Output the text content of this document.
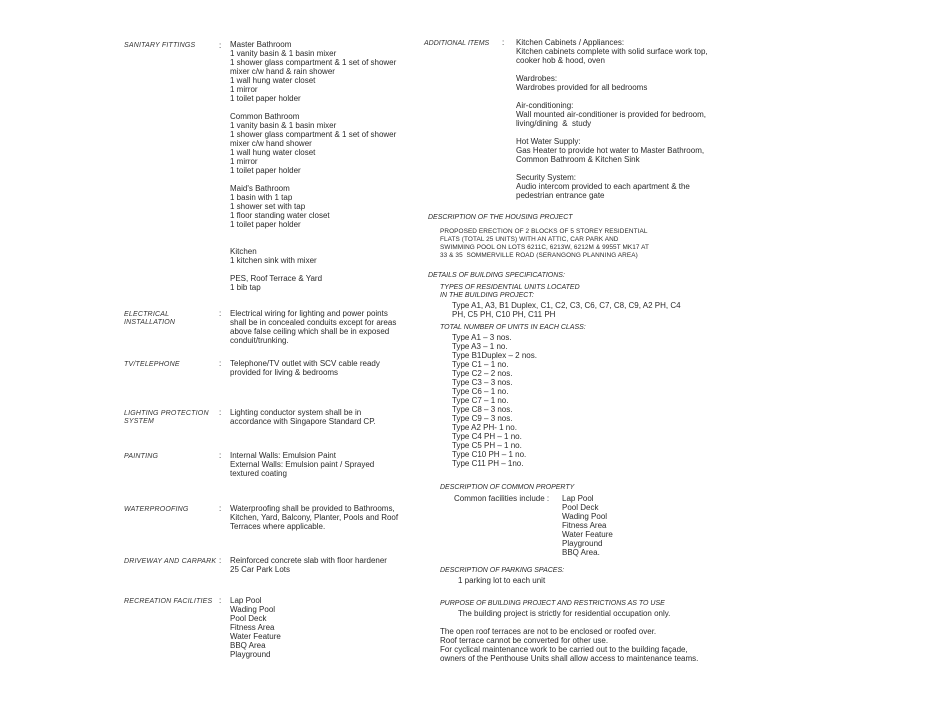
SANITARY FITTINGS	:	Master Bathroom
1 vanity basin & 1 basin mixer
1 shower glass compartment & 1 set of shower
mixer c/w hand & rain shower
1 wall hung water closet
1 mirror
1 toilet paper holder
Common Bathroom
1 vanity basin & 1 basin mixer
1 shower glass compartment & 1 set of shower
mixer c/w hand shower
1 wall hung water closet
1 mirror
1 toilet paper holder
Maid's Bathroom
1 basin with 1 tap
1 shower set with tap
1 floor standing water closet
1 toilet paper holder
Kitchen
1 kitchen sink with mixer
PES, Roof Terrace & Yard
1 bib tap
ELECTRICAL
INSTALLATION
:	Electrical wiring for lighting and power points
shall be in concealed conduits except for areas
above false ceiling which shall be in exposed
conduit/trunking.
TV/TELEPHONE	:	Telephone/TV outlet with SCV cable ready
provided for living & bedrooms
LIGHTING PROTECTION
SYSTEM
:	Lighting conductor system shall be in
accordance with Singapore Standard CP.
PAINTING	:	Internal Walls: Emulsion Paint
External Walls: Emulsion paint / Sprayed
textured coating
WATERPROOFING	:	Waterproofing shall be provided to Bathrooms,
Kitchen, Yard, Balcony, Planter, Pools and Roof
Terraces where applicable.
DRIVEWAY AND CARPARK :	Reinforced concrete slab with floor hardener
25 Car Park Lots
RECREATION FACILITIES :	Lap Pool
Wading Pool
Pool Deck
Fitness Area
Water Feature
BBQ Area
Playground
ADDITIONAL ITEMS :	Kitchen Cabinets / Appliances:
Kitchen cabinets complete with solid surface work top,
cooker hob & hood, oven
Wardrobes:
Wardrobes provided for all bedrooms
Air-conditioning:
Wall mounted air-conditioner is provided for bedroom,
living/dining  &  study
Hot Water Supply:
Gas Heater to provide hot water to Master Bathroom,
Common Bathroom & Kitchen Sink
Security System:
Audio intercom provided to each apartment & the
pedestrian entrance gate
DESCRIPTION OF THE HOUSING PROJECT
PROPOSED ERECTION OF 2 BLOCKS OF 5 STOREY RESIDENTIAL
FLATS (TOTAL 25 UNITS) WITH AN ATTIC, CAR PARK AND
SWIMMING POOL ON LOTS 6211C, 6213W, 6212M & 9955T MK17 AT
33 & 35  SOMMERVILLE ROAD (SERANGONG PLANNING AREA)
DETAILS OF BUILDING SPECIFICATIONS:
TYPES OF RESIDENTIAL UNITS LOCATED
IN THE BUILDING PROJECT:
Type A1, A3, B1 Duplex, C1, C2, C3, C6, C7, C8, C9, A2 PH, C4
PH, C5 PH, C10 PH, C11 PH
TOTAL NUMBER OF UNITS IN EACH CLASS:
Type A1 – 3 nos.
Type A3 – 1 no.
Type B1Duplex – 2 nos.
Type C1 – 1 no.
Type C2 – 2 nos.
Type C3 – 3 nos.
Type C6 – 1 no.
Type C7 – 1 no.
Type C8 – 3 nos.
Type C9 – 3 nos.
Type A2 PH- 1 no.
Type C4 PH – 1 no.
Type C5 PH – 1 no.
Type C10 PH – 1 no.
Type C11 PH – 1no.
DESCRIPTION OF COMMON PROPERTY
Common facilities include : Lap Pool
Pool Deck
Wading Pool
Fitness Area
Water Feature
Playground
BBQ Area.
DESCRIPTION OF PARKING SPACES:
1 parking lot to each unit
PURPOSE OF BUILDING PROJECT AND RESTRICTIONS AS TO USE
The building project is strictly for residential occupation only.
The open roof terraces are not to be enclosed or roofed over.
Roof terrace cannot be converted for other use.
For cyclical maintenance work to be carried out to the building façade,
owners of the Penthouse Units shall allow access to maintenance teams.
